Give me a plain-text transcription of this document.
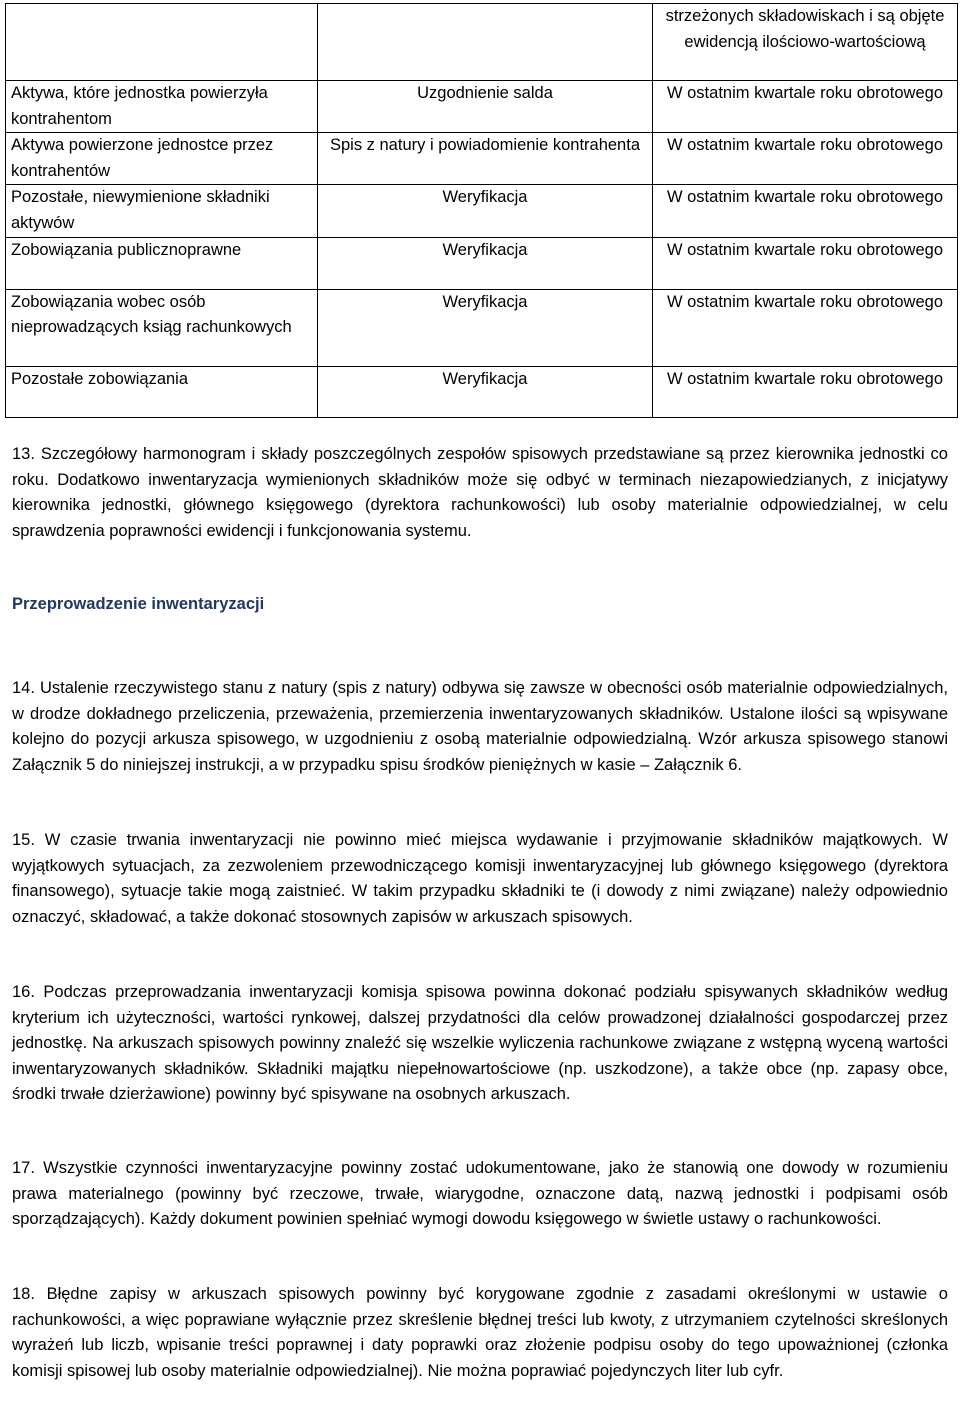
		strzeżonych składowiskach i są objęte ewidencją ilościowo-wartościową
Aktywa, które jednostka powierzyła kontrahentom	Uzgodnienie salda	W ostatnim kwartale roku obrotowego
Aktywa powierzone jednostce przez kontrahentów	Spis z natury i powiadomienie kontrahenta	W ostatnim kwartale roku obrotowego
Pozostałe, niewymienione składniki aktywów	Weryfikacja	W ostatnim kwartale roku obrotowego
Zobowiązania publicznoprawne	Weryfikacja	W ostatnim kwartale roku obrotowego
Zobowiązania wobec osób nieprowadzących ksiąg rachunkowych	Weryfikacja	W ostatnim kwartale roku obrotowego
Pozostałe zobowiązania	Weryfikacja	W ostatnim kwartale roku obrotowego

13. Szczegółowy harmonogram i składy poszczególnych zespołów spisowych przedstawiane są przez kierownika jednostki co roku. Dodatkowo inwentaryzacja wymienionych składników może się odbyć w terminach niezapowiedzianych, z inicjatywy kierownika jednostki, głównego księgowego (dyrektora rachunkowości) lub osoby materialnie odpowiedzialnej, w celu sprawdzenia poprawności ewidencji i funkcjonowania systemu.

Przeprowadzenie inwentaryzacji

14. Ustalenie rzeczywistego stanu z natury (spis z natury) odbywa się zawsze w obecności osób materialnie odpowiedzialnych, w drodze dokładnego przeliczenia, przeważenia, przemierzenia inwentaryzowanych składników. Ustalone ilości są wpisywane kolejno do pozycji arkusza spisowego, w uzgodnieniu z osobą materialnie odpowiedzialną. Wzór arkusza spisowego stanowi Załącznik 5 do niniejszej instrukcji, a w przypadku spisu środków pieniężnych w kasie – Załącznik 6.

15. W czasie trwania inwentaryzacji nie powinno mieć miejsca wydawanie i przyjmowanie składników majątkowych. W wyjątkowych sytuacjach, za zezwoleniem przewodniczącego komisji inwentaryzacyjnej lub głównego księgowego (dyrektora finansowego), sytuacje takie mogą zaistnieć. W takim przypadku składniki te (i dowody z nimi związane) należy odpowiednio oznaczyć, składować, a także dokonać stosownych zapisów w arkuszach spisowych.

16. Podczas przeprowadzania inwentaryzacji komisja spisowa powinna dokonać podziału spisywanych składników według kryterium ich użyteczności, wartości rynkowej, dalszej przydatności dla celów prowadzonej działalności gospodarczej przez jednostkę. Na arkuszach spisowych powinny znaleźć się wszelkie wyliczenia rachunkowe związane z wstępną wyceną wartości inwentaryzowanych składników. Składniki majątku niepełnowartościowe (np. uszkodzone), a także obce (np. zapasy obce, środki trwałe dzierżawione) powinny być spisywane na osobnych arkuszach.

17. Wszystkie czynności inwentaryzacyjne powinny zostać udokumentowane, jako że stanowią one dowody w rozumieniu prawa materialnego (powinny być rzeczowe, trwałe, wiarygodne, oznaczone datą, nazwą jednostki i podpisami osób sporządzających). Każdy dokument powinien spełniać wymogi dowodu księgowego w świetle ustawy o rachunkowości.

18. Błędne zapisy w arkuszach spisowych powinny być korygowane zgodnie z zasadami określonymi w ustawie o rachunkowości, a więc poprawiane wyłącznie przez skreślenie błędnej treści lub kwoty, z utrzymaniem czytelności skreślonych wyrażeń lub liczb, wpisanie treści poprawnej i daty poprawki oraz złożenie podpisu osoby do tego upoważnionej (członka komisji spisowej lub osoby materialnie odpowiedzialnej). Nie można poprawiać pojedynczych liter lub cyfr.
